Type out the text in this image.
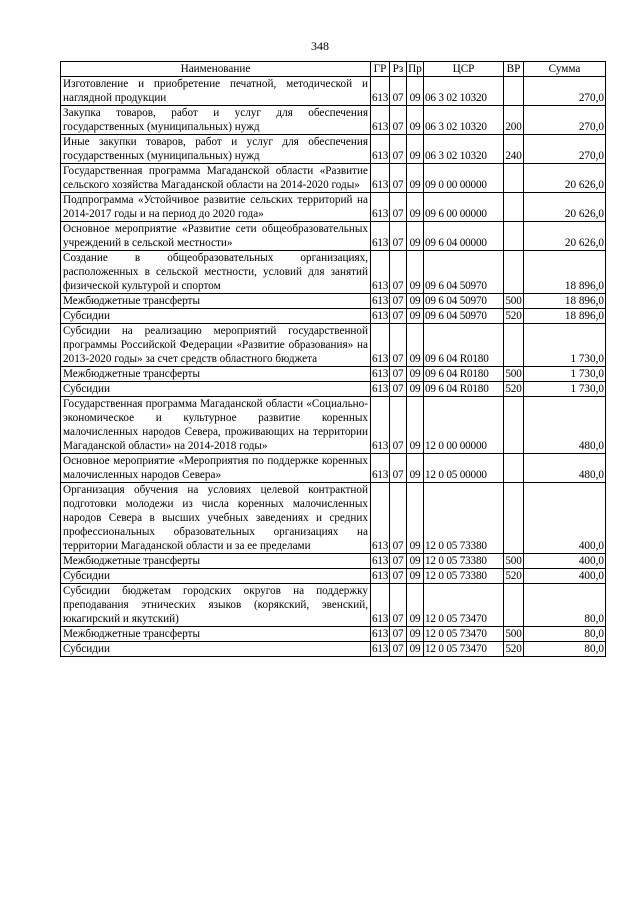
348
Наименование	ГР	Рз	Пр	ЦСР	ВР	Сумма
Изготовление и приобретение печатной, методической и наглядной продукции	613	07	09	06 3 02 10320		270,0
Закупка товаров, работ и услуг для обеспечения государственных (муниципальных) нужд	613	07	09	06 3 02 10320	200	270,0
Иные закупки товаров, работ и услуг для обеспечения государственных (муниципальных) нужд	613	07	09	06 3 02 10320	240	270,0
Государственная программа Магаданской области «Развитие сельского хозяйства Магаданской области на 2014-2020 годы»	613	07	09	09 0 00 00000		20 626,0
Подпрограмма «Устойчивое развитие сельских территорий на 2014-2017 годы и на период до 2020 года»	613	07	09	09 6 00 00000		20 626,0
Основное мероприятие «Развитие сети общеобразовательных учреждений в сельской местности»	613	07	09	09 6 04 00000		20 626,0
Создание в общеобразовательных организациях, расположенных в сельской местности, условий для занятий физической культурой и спортом	613	07	09	09 6 04 50970		18 896,0
Межбюджетные трансферты	613	07	09	09 6 04 50970	500	18 896,0
Субсидии	613	07	09	09 6 04 50970	520	18 896,0
Субсидии на реализацию мероприятий государственной программы Российской Федерации «Развитие образования» на 2013-2020 годы» за счет средств областного бюджета	613	07	09	09 6 04 R0180		1 730,0
Межбюджетные трансферты	613	07	09	09 6 04 R0180	500	1 730,0
Субсидии	613	07	09	09 6 04 R0180	520	1 730,0
Государственная программа Магаданской области «Социально-экономическое и культурное развитие коренных малочисленных народов Севера, проживающих на территории Магаданской области» на 2014-2018 годы»	613	07	09	12 0 00 00000		480,0
Основное мероприятие «Мероприятия по поддержке коренных малочисленных народов Севера»	613	07	09	12 0 05 00000		480,0
Организация обучения на условиях целевой контрактной подготовки молодежи из числа коренных малочисленных народов Севера в высших учебных заведениях и средних профессиональных образовательных организациях на территории Магаданской области и за ее пределами	613	07	09	12 0 05 73380		400,0
Межбюджетные трансферты	613	07	09	12 0 05 73380	500	400,0
Субсидии	613	07	09	12 0 05 73380	520	400,0
Субсидии бюджетам городских округов на поддержку преподавания этнических языков (корякский, эвенский, юкагирский и якутский)	613	07	09	12 0 05 73470		80,0
Межбюджетные трансферты	613	07	09	12 0 05 73470	500	80,0
Субсидии	613	07	09	12 0 05 73470	520	80,0
